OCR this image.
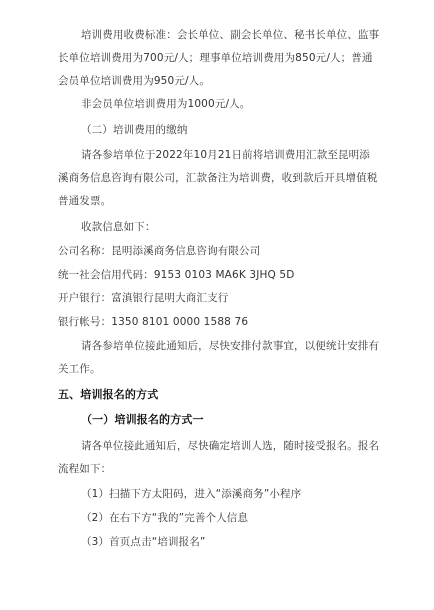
培训费用收费标准：会长单位、副会长单位、秘书长单位、监事
长单位培训费用为700元/人；理事单位培训费用为850元/人；普通
会员单位培训费用为950元/人。
非会员单位培训费用为1000元/人。
（二）培训费用的缴纳
请各参培单位于2022年10月21日前将培训费用汇款至昆明添
溪商务信息咨询有限公司，汇款备注为培训费，收到款后开具增值税
普通发票。
收款信息如下：
公司名称：昆明添溪商务信息咨询有限公司
统一社会信用代码：9153 0103 MA6K 3JHQ 5D
开户银行：富滇银行昆明大商汇支行
银行帐号：1350 8101 0000 1588 76
请各参培单位接此通知后，尽快安排付款事宜，以便统计安排有
关工作。
五、培训报名的方式
（一）培训报名的方式一
请各单位接此通知后，尽快确定培训人选，随时接受报名。报名
流程如下：
（1）扫描下方太阳码，进入“添溪商务”小程序
（2）在右下方“我的”完善个人信息
（3）首页点击“培训报名”
